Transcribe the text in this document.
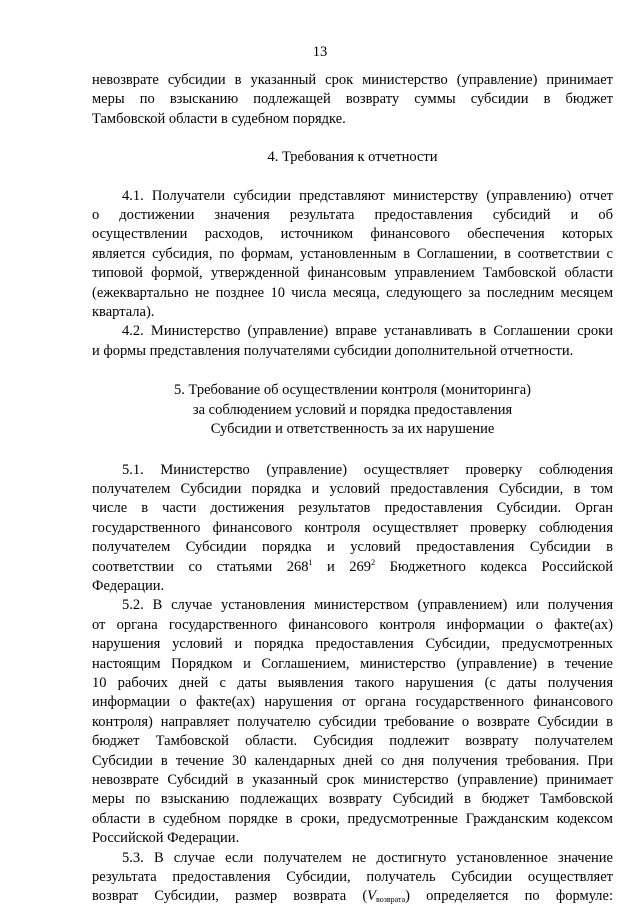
13

невозврате субсидии в указанный срок министерство (управление) принимает

меры по взысканию подлежащей возврату суммы субсидии в бюджет

Тамбовской области в судебном порядке.

4. Требования к отчетности

4.1. Получатели субсидии представляют министерству (управлению) отчет

о достижении значения результата предоставления субсидий и об

осуществлении расходов, источником финансового обеспечения которых

является субсидия, по формам, установленным в Соглашении, в соответствии с

типовой формой, утвержденной финансовым управлением Тамбовской области

(ежеквартально не позднее 10 числа месяца, следующего за последним месяцем

квартала).

4.2. Министерство (управление) вправе устанавливать в Соглашении сроки

и формы представления получателями субсидии дополнительной отчетности.

5. Требование об осуществлении контроля (мониторинга)

за соблюдением условий и порядка предоставления

Субсидии и ответственность за их нарушение

5.1. Министерство (управление) осуществляет проверку соблюдения

получателем Субсидии порядка и условий предоставления Субсидии, в том

числе в части достижения результатов предоставления Субсидии. Орган

государственного финансового контроля осуществляет проверку соблюдения

получателем Субсидии порядка и условий предоставления Субсидии в

соответствии со статьями $268^1$ и $269^2$ Бюджетного кодекса Российской

Федерации.

5.2. В случае установления министерством (управлением) или получения

от органа государственного финансового контроля информации о факте(ах)

нарушения условий и порядка предоставления Субсидии, предусмотренных

настоящим Порядком и Соглашением, министерство (управление) в течение

10 рабочих дней с даты выявления такого нарушения (с даты получения

информации о факте(ах) нарушения от органа государственного финансового

контроля) направляет получателю субсидии требование о возврате Субсидии в

бюджет Тамбовской области. Субсидия подлежит возврату получателем

Субсидии в течение 30 календарных дней со дня получения требования. При

невозврате Субсидий в указанный срок министерство (управление) принимает

меры по взысканию подлежащих возврату Субсидий в бюджет Тамбовской

области в судебном порядке в сроки, предусмотренные Гражданским кодексом

Российской Федерации.

5.3. В случае если получателем не достигнуто установленное значение

результата предоставления Субсидии, получатель Субсидии осуществляет

возврат Субсидии, размер возврата $(V_{возврата})$ определяется по формуле:
